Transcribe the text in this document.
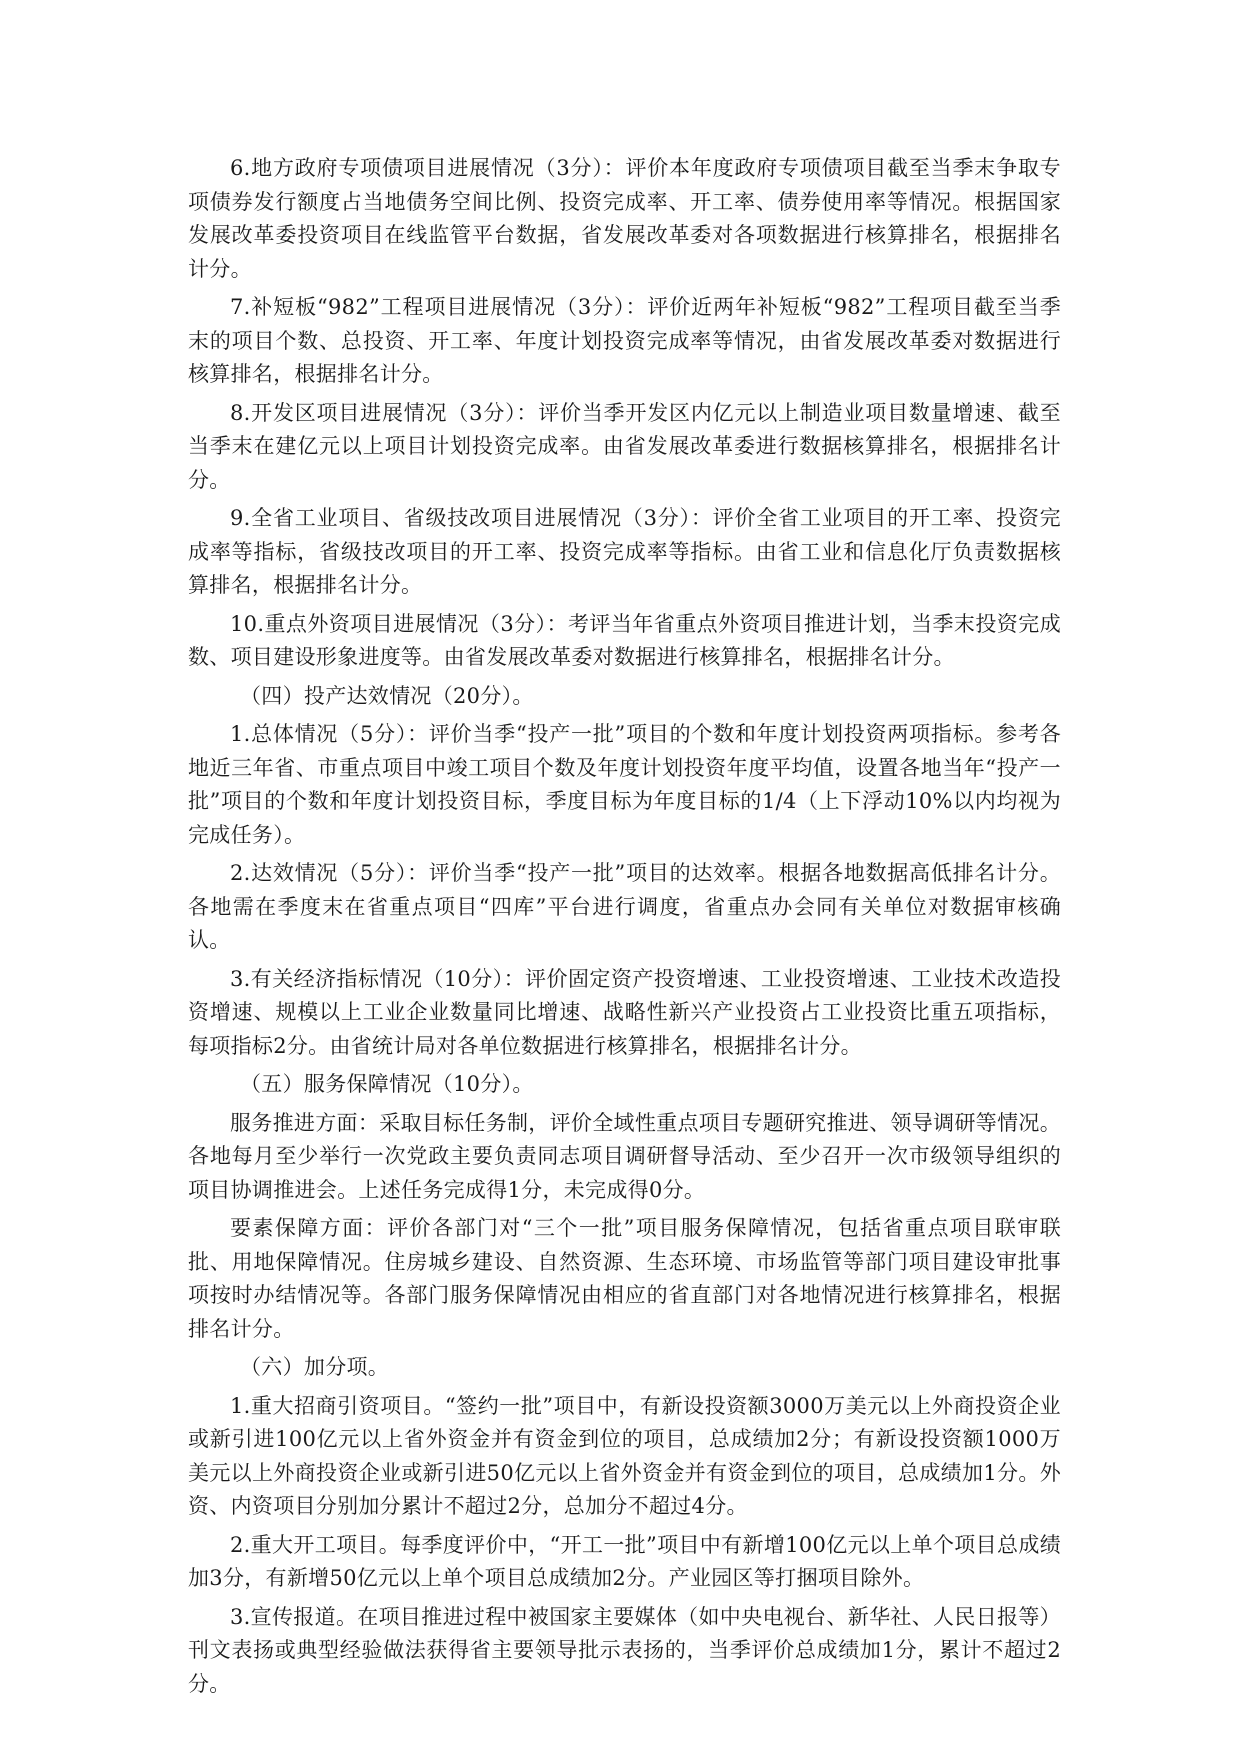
6.地方政府专项债项目进展情况（3分）：评价本年度政府专项债项目截至当季末争取专项债券发行额度占当地债务空间比例、投资完成率、开工率、债券使用率等情况。根据国家发展改革委投资项目在线监管平台数据，省发展改革委对各项数据进行核算排名，根据排名计分。

7.补短板“982”工程项目进展情况（3分）：评价近两年补短板“982”工程项目截至当季末的项目个数、总投资、开工率、年度计划投资完成率等情况，由省发展改革委对数据进行核算排名，根据排名计分。

8.开发区项目进展情况（3分）：评价当季开发区内亿元以上制造业项目数量增速、截至当季末在建亿元以上项目计划投资完成率。由省发展改革委进行数据核算排名，根据排名计分。

9.全省工业项目、省级技改项目进展情况（3分）：评价全省工业项目的开工率、投资完成率等指标，省级技改项目的开工率、投资完成率等指标。由省工业和信息化厅负责数据核算排名，根据排名计分。

10.重点外资项目进展情况（3分）：考评当年省重点外资项目推进计划，当季末投资完成数、项目建设形象进度等。由省发展改革委对数据进行核算排名，根据排名计分。

（四）投产达效情况（20分）。

1.总体情况（5分）：评价当季“投产一批”项目的个数和年度计划投资两项指标。参考各地近三年省、市重点项目中竣工项目个数及年度计划投资年度平均值，设置各地当年“投产一批”项目的个数和年度计划投资目标，季度目标为年度目标的1/4（上下浮动10%以内均视为完成任务）。

2.达效情况（5分）：评价当季“投产一批”项目的达效率。根据各地数据高低排名计分。各地需在季度末在省重点项目“四库”平台进行调度，省重点办会同有关单位对数据审核确认。

3.有关经济指标情况（10分）：评价固定资产投资增速、工业投资增速、工业技术改造投资增速、规模以上工业企业数量同比增速、战略性新兴产业投资占工业投资比重五项指标，每项指标2分。由省统计局对各单位数据进行核算排名，根据排名计分。

（五）服务保障情况（10分）。

服务推进方面：采取目标任务制，评价全域性重点项目专题研究推进、领导调研等情况。各地每月至少举行一次党政主要负责同志项目调研督导活动、至少召开一次市级领导组织的项目协调推进会。上述任务完成得1分，未完成得0分。

要素保障方面：评价各部门对“三个一批”项目服务保障情况，包括省重点项目联审联批、用地保障情况。住房城乡建设、自然资源、生态环境、市场监管等部门项目建设审批事项按时办结情况等。各部门服务保障情况由相应的省直部门对各地情况进行核算排名，根据排名计分。

（六）加分项。

1.重大招商引资项目。“签约一批”项目中，有新设投资额3000万美元以上外商投资企业或新引进100亿元以上省外资金并有资金到位的项目，总成绩加2分；有新设投资额1000万美元以上外商投资企业或新引进50亿元以上省外资金并有资金到位的项目，总成绩加1分。外资、内资项目分别加分累计不超过2分，总加分不超过4分。

2.重大开工项目。每季度评价中，“开工一批”项目中有新增100亿元以上单个项目总成绩加3分，有新增50亿元以上单个项目总成绩加2分。产业园区等打捆项目除外。

3.宣传报道。在项目推进过程中被国家主要媒体（如中央电视台、新华社、人民日报等）刊文表扬或典型经验做法获得省主要领导批示表扬的，当季评价总成绩加1分，累计不超过2分。
